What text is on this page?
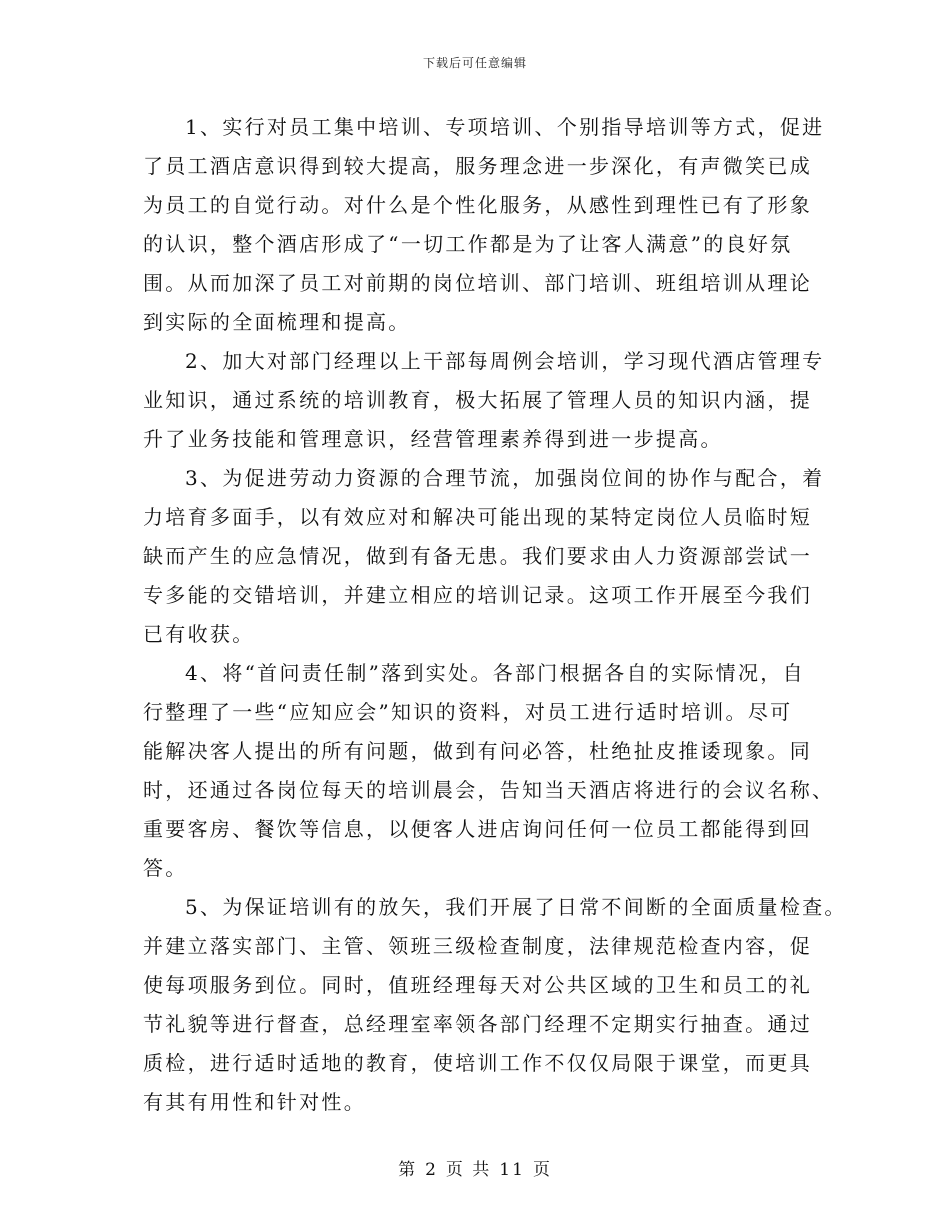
下载后可任意编辑
1、实行对员工集中培训、专项培训、个别指导培训等方式，促进
了员工酒店意识得到较大提高，服务理念进一步深化，有声微笑已成
为员工的自觉行动。对什么是个性化服务，从感性到理性已有了形象
的认识，整个酒店形成了“一切工作都是为了让客人满意”的良好氛
围。从而加深了员工对前期的岗位培训、部门培训、班组培训从理论
到实际的全面梳理和提高。
2、加大对部门经理以上干部每周例会培训，学习现代酒店管理专
业知识，通过系统的培训教育，极大拓展了管理人员的知识内涵，提
升了业务技能和管理意识，经营管理素养得到进一步提高。
3、为促进劳动力资源的合理节流，加强岗位间的协作与配合，着
力培育多面手，以有效应对和解决可能出现的某特定岗位人员临时短
缺而产生的应急情况，做到有备无患。我们要求由人力资源部尝试一
专多能的交错培训，并建立相应的培训记录。这项工作开展至今我们
已有收获。
4、将“首问责任制”落到实处。各部门根据各自的实际情况，自
行整理了一些“应知应会”知识的资料，对员工进行适时培训。尽可
能解决客人提出的所有问题，做到有问必答，杜绝扯皮推诿现象。同
时，还通过各岗位每天的培训晨会，告知当天酒店将进行的会议名称、
重要客房、餐饮等信息，以便客人进店询问任何一位员工都能得到回
答。
5、为保证培训有的放矢，我们开展了日常不间断的全面质量检查。
并建立落实部门、主管、领班三级检查制度，法律规范检查内容，促
使每项服务到位。同时，值班经理每天对公共区域的卫生和员工的礼
节礼貌等进行督查，总经理室率领各部门经理不定期实行抽查。通过
质检，进行适时适地的教育，使培训工作不仅仅局限于课堂，而更具
有其有用性和针对性。
第 2 页 共 11 页
